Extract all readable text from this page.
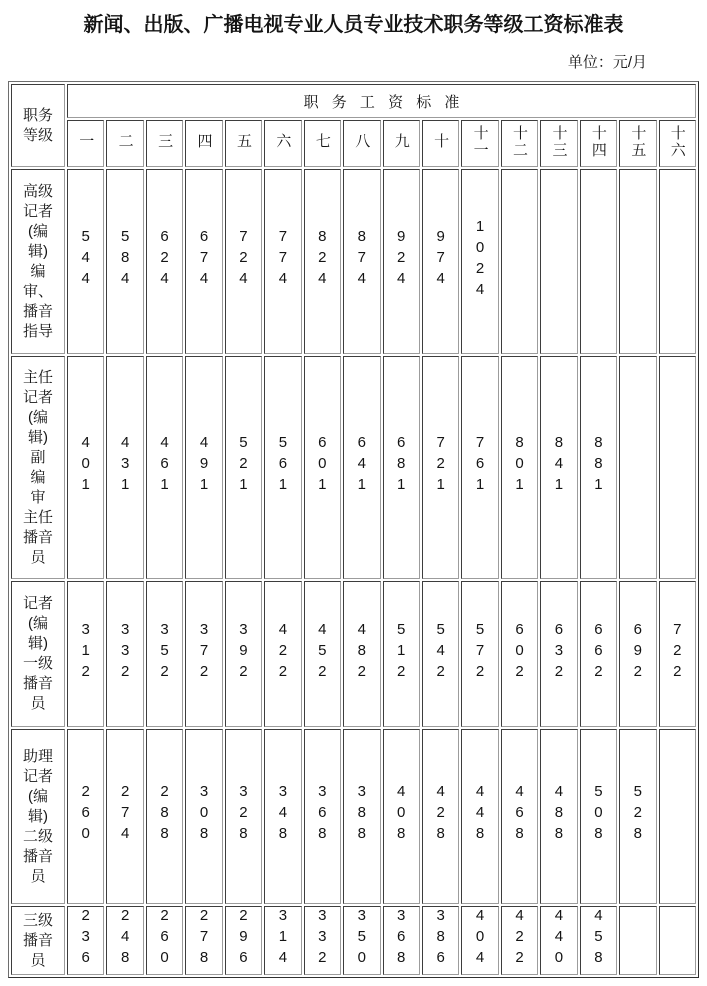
新闻、出版、广播电视专业人员专业技术职务等级工资标准表
单位：元/月
职务等级	职 务 工 资 标 准															
	一	二	三	四	五	六	七	八	九	十	十一	十二	十三	十四	十五	十六
高级记者(编辑)编审、播音指导	544	584	624	674	724	774	824	874	924	974	1024					
主任记者(编辑)副 编 审 主任播音员	401	431	461	491	521	561	601	641	681	721	761	801	841	881		
记者(编辑)一级播音员	312	332	352	372	392	422	452	482	512	542	572	602	632	662	692	722
助理记者(编辑)二级播音员	260	274	288	308	328	348	368	388	408	428	448	468	488	508	528	
三级播音员	236	248	260	278	296	314	332	350	368	386	404	422	440	458		
